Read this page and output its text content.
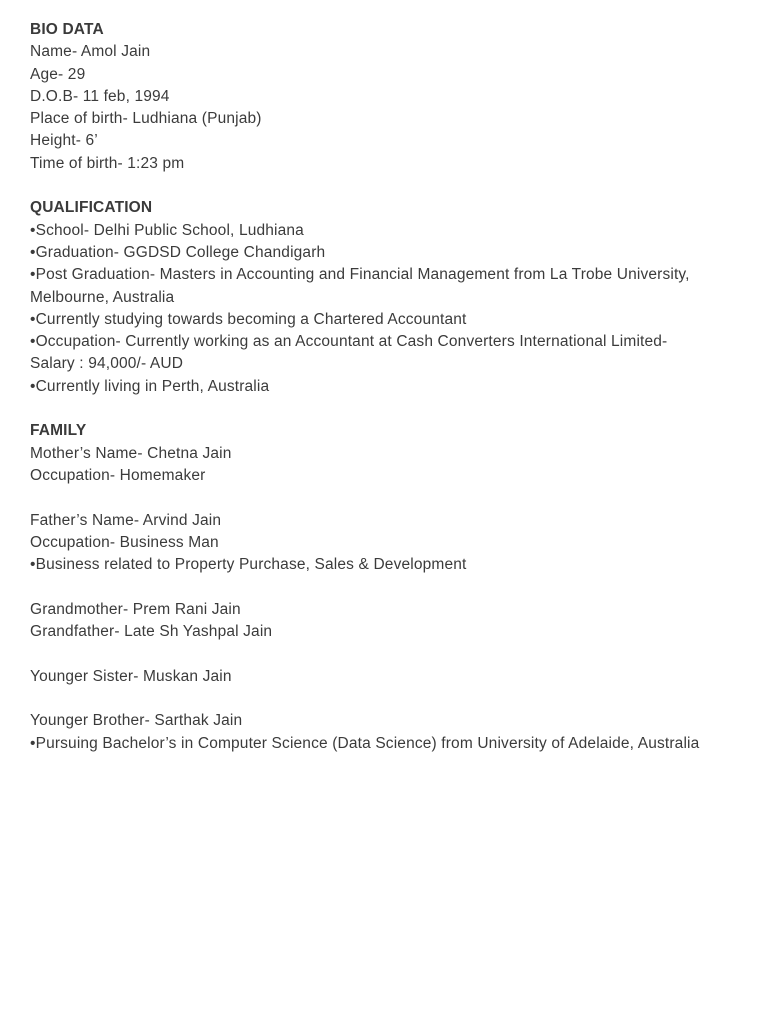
BIO DATA
Name- Amol Jain
Age- 29
D.O.B- 11 feb, 1994
Place of birth- Ludhiana (Punjab)
Height- 6’
Time of birth- 1:23 pm
QUALIFICATION
•School- Delhi Public School, Ludhiana
•Graduation- GGDSD College Chandigarh
•Post Graduation- Masters in Accounting and Financial Management from La Trobe University,
Melbourne, Australia
•Currently studying towards becoming a Chartered Accountant
•Occupation- Currently working as an Accountant at Cash Converters International Limited-
Salary : 94,000/- AUD
•Currently living in Perth, Australia
FAMILY
Mother’s Name- Chetna Jain
Occupation- Homemaker
Father’s Name- Arvind Jain
Occupation- Business Man
•Business related to Property Purchase, Sales & Development
Grandmother- Prem Rani Jain
Grandfather- Late Sh Yashpal Jain
Younger Sister- Muskan Jain
Younger Brother- Sarthak Jain
•Pursuing Bachelor’s in Computer Science (Data Science) from University of Adelaide, Australia
